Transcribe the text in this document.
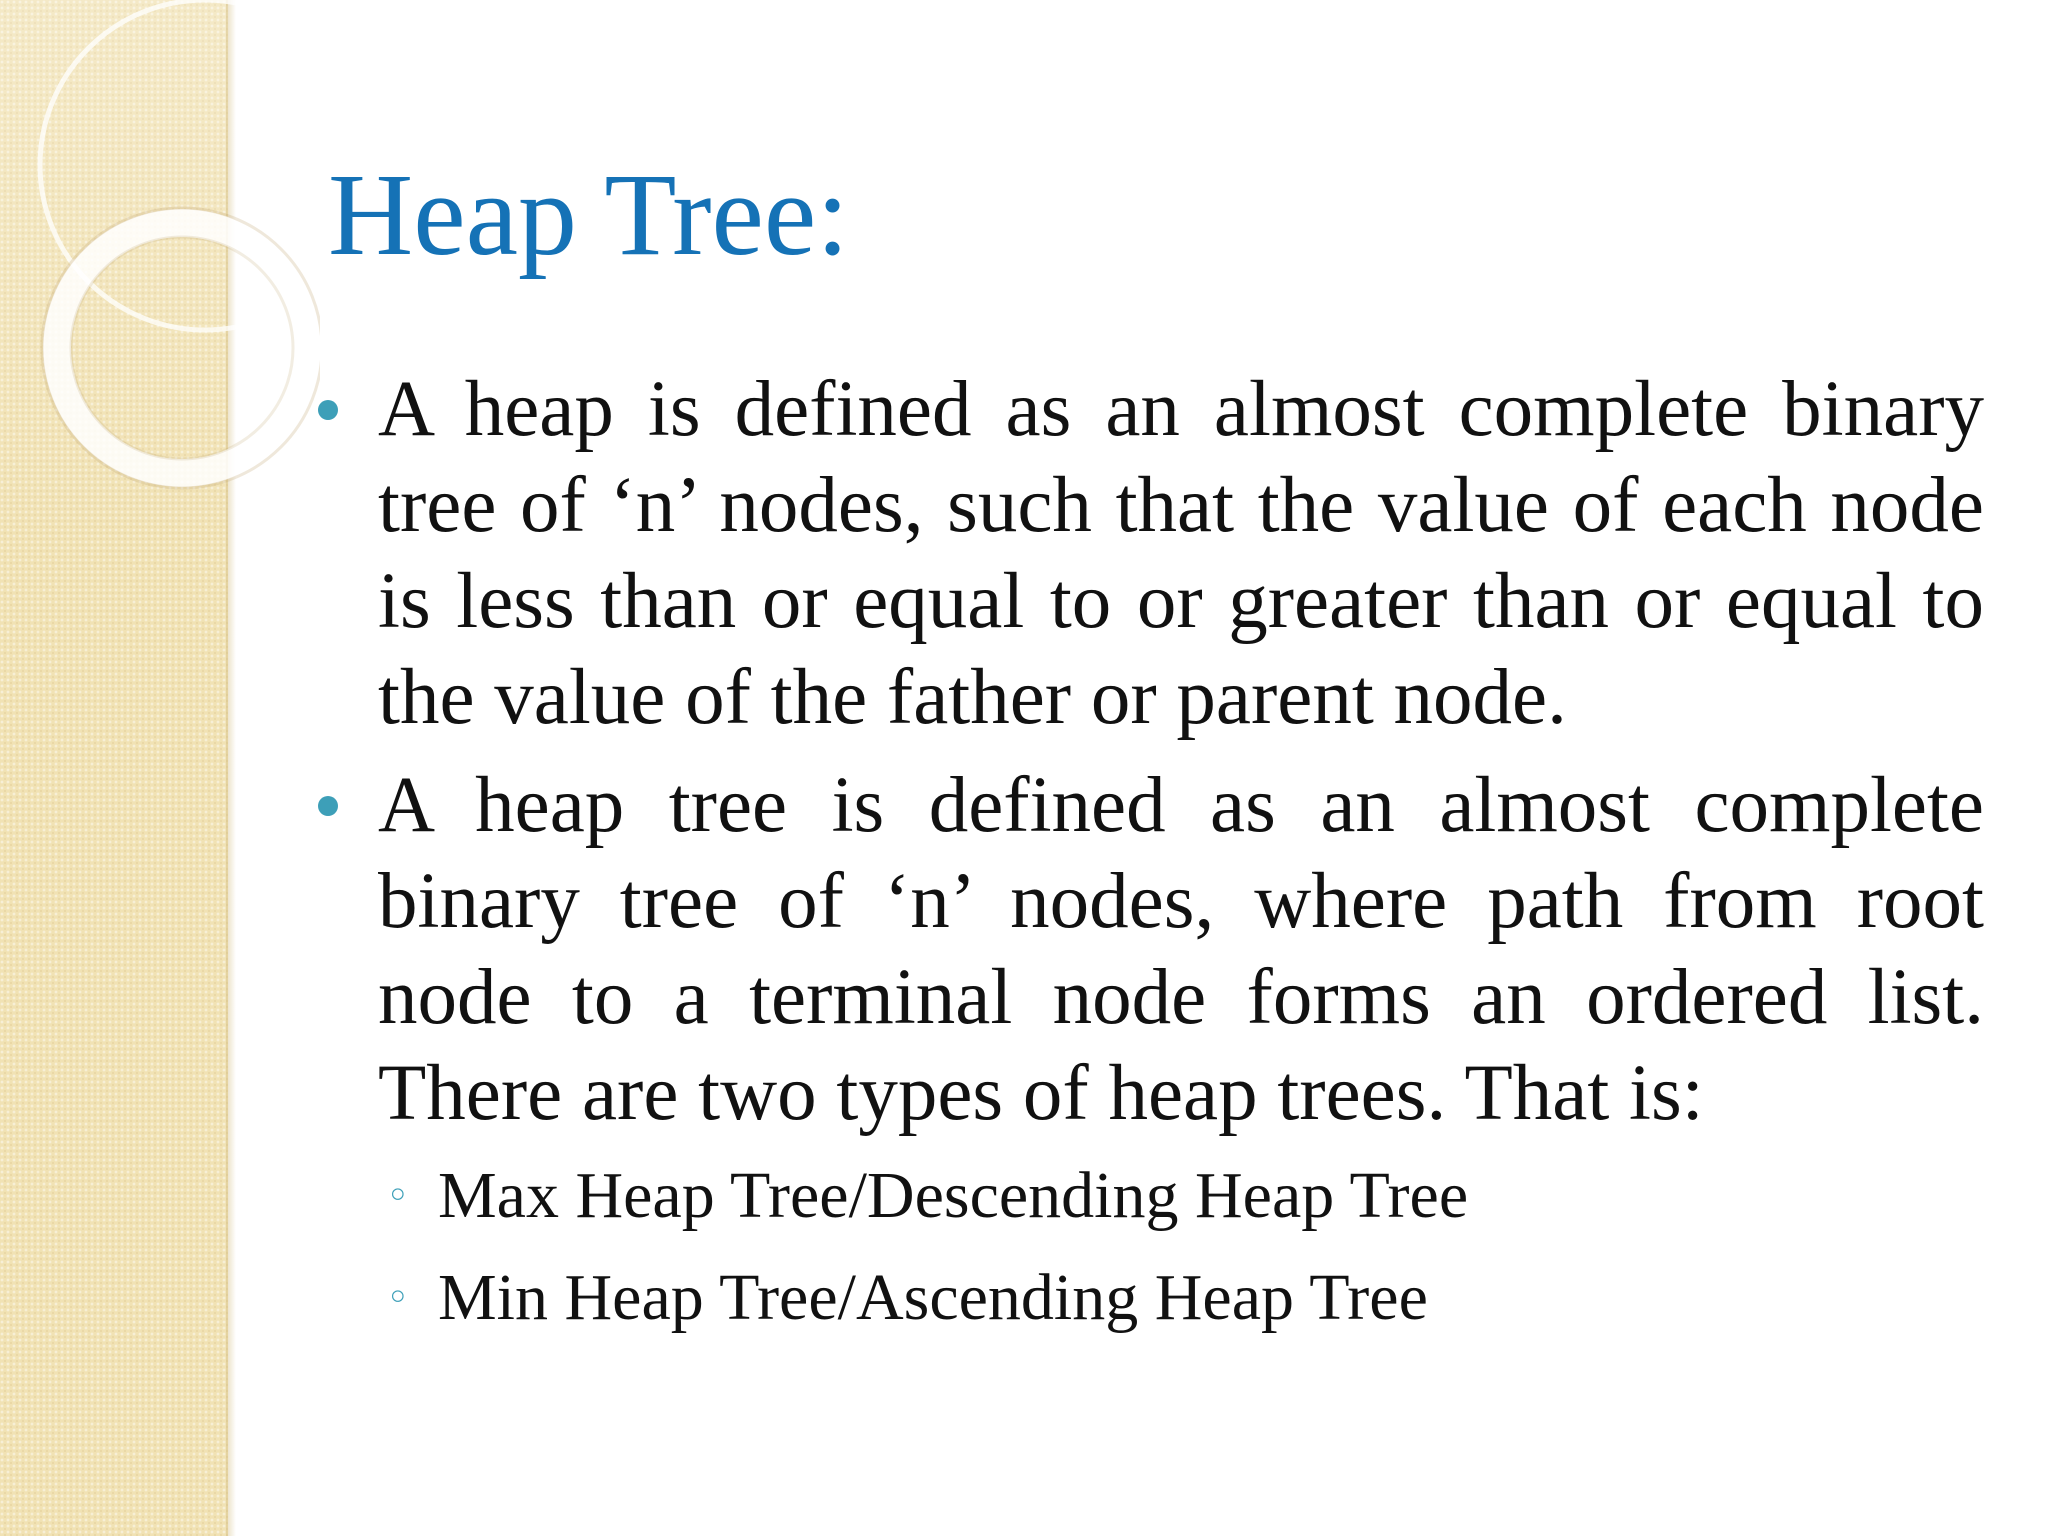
Heap Tree:

A heap is defined as an almost complete binary tree of ‘n’ nodes, such that the value of each node is less than or equal to or greater than or equal to the value of the father or parent node.

A heap tree is defined as an almost complete binary tree of ‘n’ nodes, where path from root node to a terminal node forms an ordered list. There are two types of heap trees. That is:

◦ Max Heap Tree/Descending Heap Tree
◦ Min Heap Tree/Ascending Heap Tree
